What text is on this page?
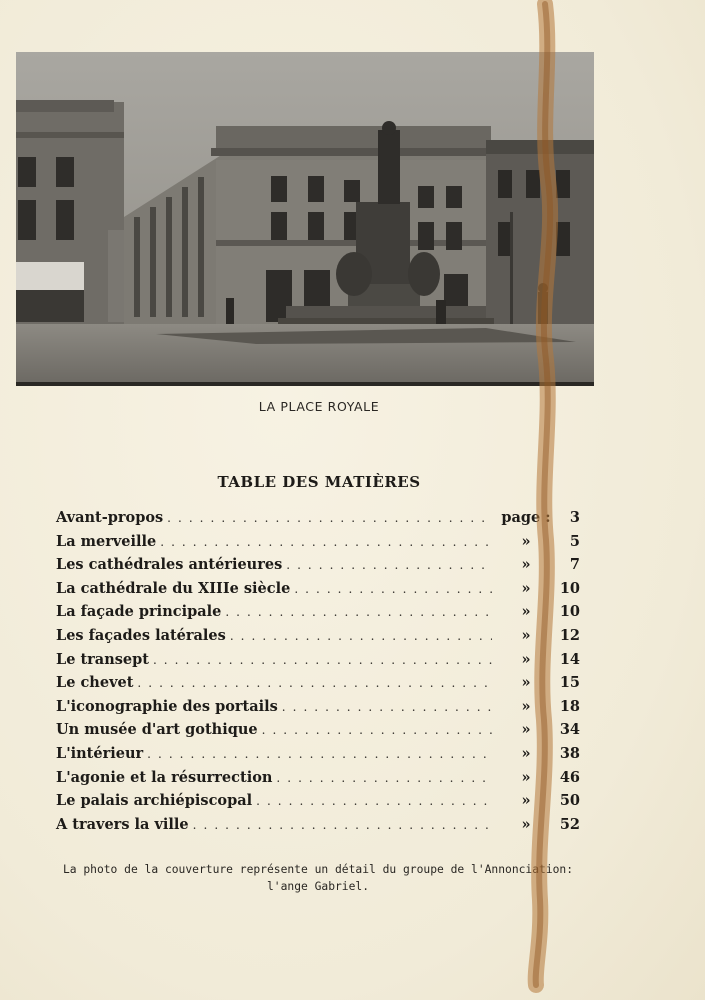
LA PLACE ROYALE
TABLE DES MATIÈRES
Avant-propos . . .	page :	3
La merveille . . .	»	5
Les cathédrales antérieures . . .	»	7
La cathédrale du XIIIe siècle . . .	»	10
La façade principale . . .	»	10
Les façades latérales . . .	»	12
Le transept . . .	»	14
Le chevet . . .	»	15
L'iconographie des portails . . .	»	18
Un musée d'art gothique . . .	»	34
L'intérieur . . .	»	38
L'agonie et la résurrection . . .	»	46
Le palais archiépiscopal . . .	»	50
A travers la ville . . .	»	52
La photo de la couverture représente un détail du groupe de l'Annonciation:
l'ange Gabriel.
